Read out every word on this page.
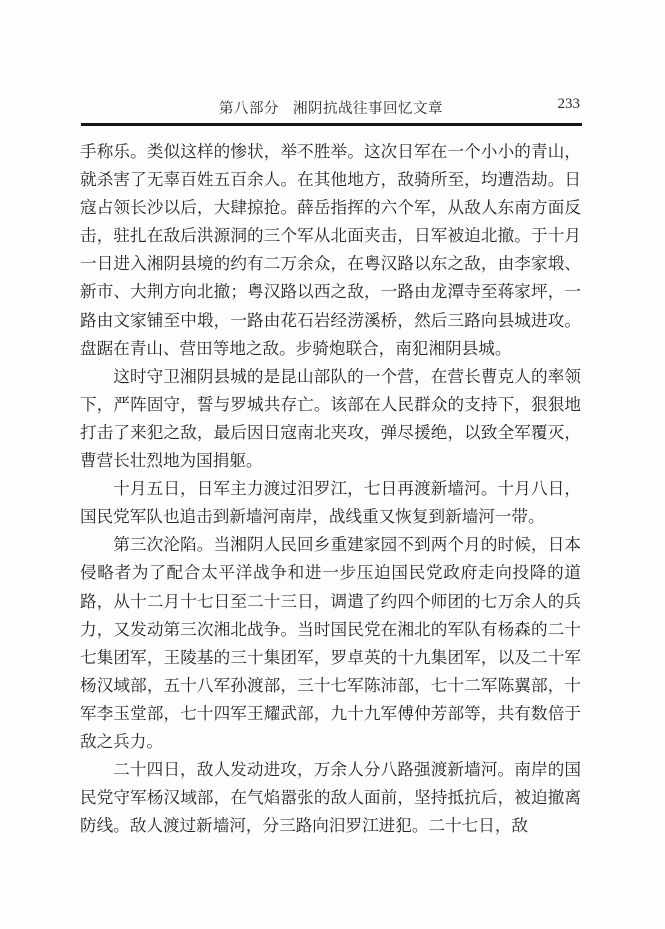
第八部分 湘阴抗战往事回忆文章	233

手称乐。类似这样的惨状，举不胜举。这次日军在一个小小的青山，就杀害了无辜百姓五百余人。在其他地方，敌骑所至，均遭浩劫。日寇占领长沙以后，大肆掠抢。薛岳指挥的六个军，从敌人东南方面反击，驻扎在敌后洪源洞的三个军从北面夹击，日军被迫北撤。于十月一日进入湘阴县境的约有二万余众，在粤汉路以东之敌，由李家塅、新市、大荆方向北撤；粤汉路以西之敌，一路由龙潭寺至蒋家坪，一路由文家铺至中塅，一路由花石岩经涝溪桥，然后三路向县城进攻。盘踞在青山、营田等地之敌。步骑炮联合，南犯湘阴县城。

这时守卫湘阴县城的是昆山部队的一个营，在营长曹克人的率领下，严阵固守，誓与罗城共存亡。该部在人民群众的支持下，狠狠地打击了来犯之敌，最后因日寇南北夹攻，弹尽援绝，以致全军覆灭，曹营长壮烈地为国捐躯。

十月五日，日军主力渡过汨罗江，七日再渡新墙河。十月八日，国民党军队也追击到新墙河南岸，战线重又恢复到新墙河一带。

第三次沦陷。当湘阴人民回乡重建家园不到两个月的时候，日本侵略者为了配合太平洋战争和进一步压迫国民党政府走向投降的道路，从十二月十七日至二十三日，调遣了约四个师团的七万余人的兵力，又发动第三次湘北战争。当时国民党在湘北的军队有杨森的二十七集团军，王陵基的三十集团军，罗卓英的十九集团军，以及二十军杨汉域部，五十八军孙渡部，三十七军陈沛部，七十二军陈翼部，十军李玉堂部，七十四军王耀武部，九十九军傅仲芳部等，共有数倍于敌之兵力。

二十四日，敌人发动进攻，万余人分八路强渡新墙河。南岸的国民党守军杨汉域部，在气焰嚣张的敌人面前，坚持抵抗后，被迫撤离防线。敌人渡过新墙河，分三路向汨罗江进犯。二十七日，敌
